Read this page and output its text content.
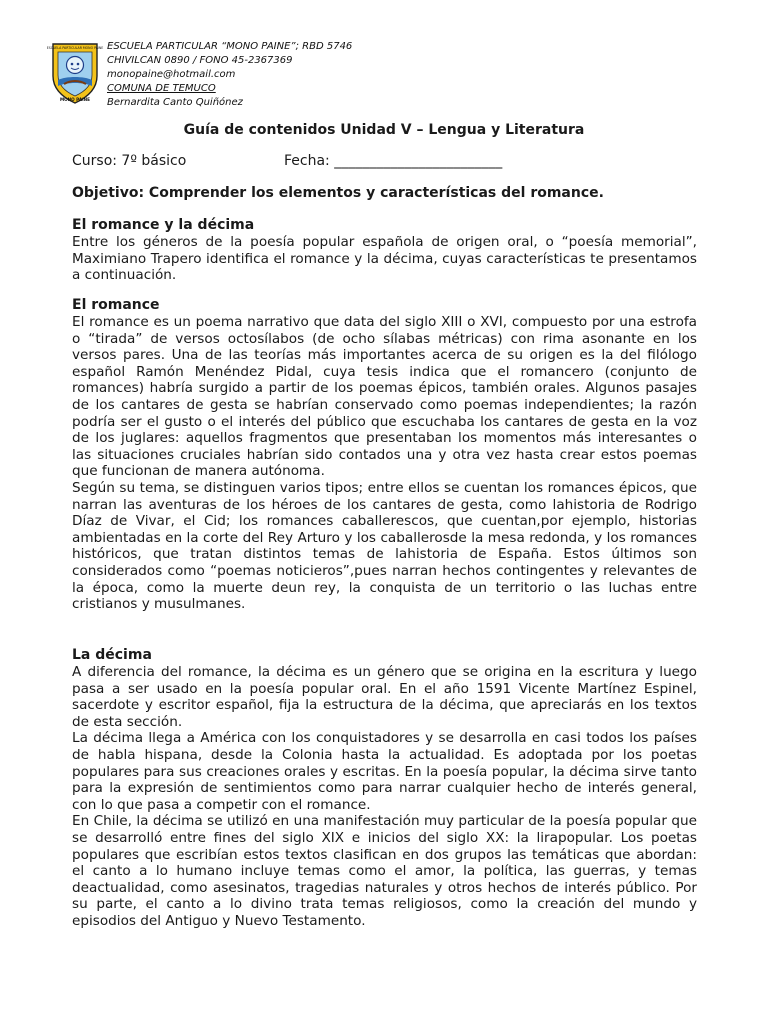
ESCUELA PARTICULAR MONO PAINE
MONO PAINE
ESCUELA PARTICULAR “MONO PAINE”; RBD 5746
CHIVILCAN 0890 / FONO 45-2367369
monopaine@hotmail.com
COMUNA DE TEMUCO
Bernardita Canto Quiñónez
Guía de contenidos Unidad V – Lengua y Literatura
Curso: 7º básico	Fecha: ________________________
Objetivo: Comprender los elementos y características del romance.
El romance y la décima

Entre los géneros de la poesía popular española de origen oral, o “poesía memorial”, Maximiano Trapero identifica el romance y la décima, cuyas características te presentamos a continuación.

El romance

El romance es un poema narrativo que data del siglo XIII o XVI, compuesto por una estrofa o “tirada” de versos octosílabos (de ocho sílabas métricas) con rima asonante en los versos pares. Una de las teorías más importantes acerca de su origen es la del filólogo español Ramón Menéndez Pidal, cuya tesis indica que el romancero (conjunto de romances) habría surgido a partir de los poemas épicos, también orales. Algunos pasajes de los cantares de gesta se habrían conservado como poemas independientes; la razón podría ser el gusto o el interés del público que escuchaba los cantares de gesta en la voz de los juglares: aquellos fragmentos que presentaban los momentos más interesantes o las situaciones cruciales habrían sido contados una y otra vez hasta crear estos poemas que funcionan de manera autónoma.

Según su tema, se distinguen varios tipos; entre ellos se cuentan los romances épicos, que narran las aventuras de los héroes de los cantares de gesta, como lahistoria de Rodrigo Díaz de Vivar, el Cid; los romances caballerescos, que cuentan,por ejemplo, historias ambientadas en la corte del Rey Arturo y los caballerosde la mesa redonda, y los romances históricos, que tratan distintos temas de lahistoria de España. Estos últimos son considerados como “poemas noticieros”,pues narran hechos contingentes y relevantes de la época, como la muerte deun rey, la conquista de un territorio o las luchas entre cristianos y musulmanes.

La décima

A diferencia del romance, la décima es un género que se origina en la escritura y luego pasa a ser usado en la poesía popular oral. En el año 1591 Vicente Martínez Espinel, sacerdote y escritor español, fija la estructura de la décima, que apreciarás en los textos de esta sección.

La décima llega a América con los conquistadores y se desarrolla en casi todos los países de habla hispana, desde la Colonia hasta la actualidad. Es adoptada por los poetas populares para sus creaciones orales y escritas. En la poesía popular, la décima sirve tanto para la expresión de sentimientos como para narrar cualquier hecho de interés general, con lo que pasa a competir con el romance.

En Chile, la décima se utilizó en una manifestación muy particular de la poesía popular que se desarrolló entre fines del siglo XIX e inicios del siglo XX: la lirapopular. Los poetas populares que escribían estos textos clasifican en dos grupos las temáticas que abordan: el canto a lo humano incluye temas como el amor, la política, las guerras, y temas deactualidad, como asesinatos, tragedias naturales y otros hechos de interés público. Por su parte, el canto a lo divino trata temas religiosos, como la creación del mundo y episodios del Antiguo y Nuevo Testamento.
